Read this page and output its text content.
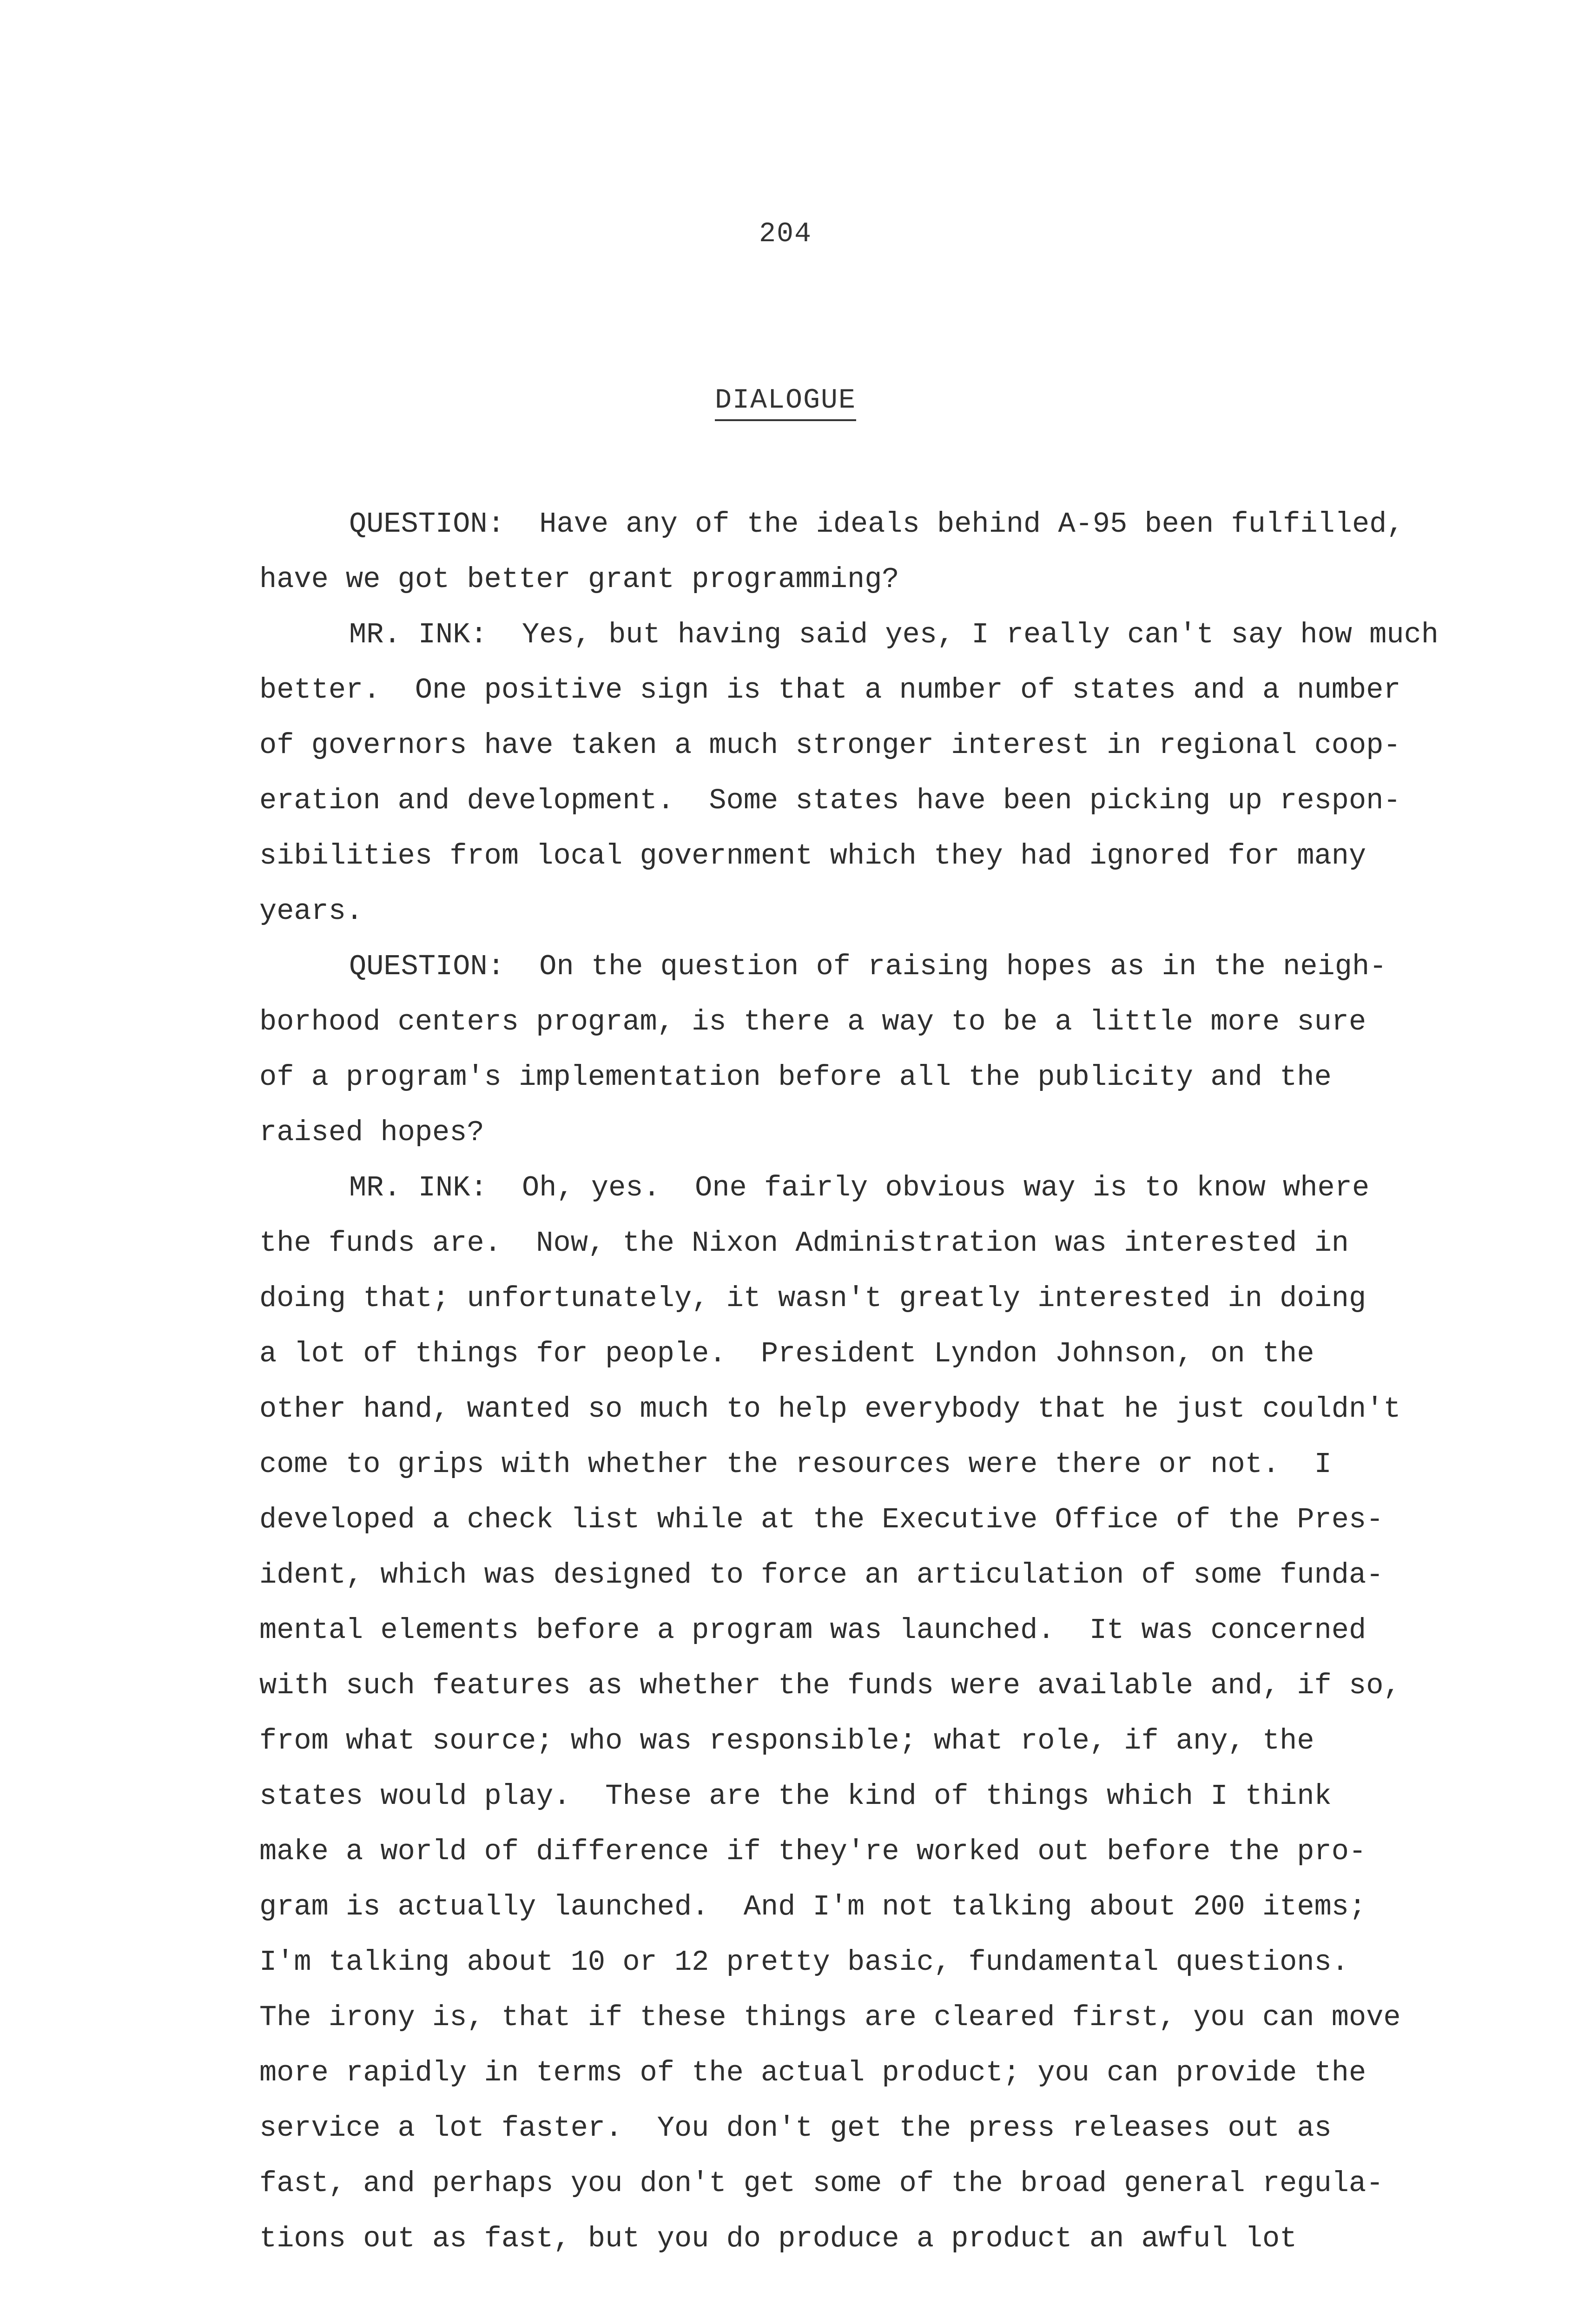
204
DIALOGUE
QUESTION:  Have any of the ideals behind A-95 been fulfilled,
have we got better grant programming?
MR. INK:  Yes, but having said yes, I really can't say how much
better.  One positive sign is that a number of states and a number
of governors have taken a much stronger interest in regional coop-
eration and development.  Some states have been picking up respon-
sibilities from local government which they had ignored for many
years.
QUESTION:  On the question of raising hopes as in the neigh-
borhood centers program, is there a way to be a little more sure
of a program's implementation before all the publicity and the
raised hopes?
MR. INK:  Oh, yes.  One fairly obvious way is to know where
the funds are.  Now, the Nixon Administration was interested in
doing that; unfortunately, it wasn't greatly interested in doing
a lot of things for people.  President Lyndon Johnson, on the
other hand, wanted so much to help everybody that he just couldn't
come to grips with whether the resources were there or not.  I
developed a check list while at the Executive Office of the Pres-
ident, which was designed to force an articulation of some funda-
mental elements before a program was launched.  It was concerned
with such features as whether the funds were available and, if so,
from what source; who was responsible; what role, if any, the
states would play.  These are the kind of things which I think
make a world of difference if they're worked out before the pro-
gram is actually launched.  And I'm not talking about 200 items;
I'm talking about 10 or 12 pretty basic, fundamental questions.
The irony is, that if these things are cleared first, you can move
more rapidly in terms of the actual product; you can provide the
service a lot faster.  You don't get the press releases out as
fast, and perhaps you don't get some of the broad general regula-
tions out as fast, but you do produce a product an awful lot
